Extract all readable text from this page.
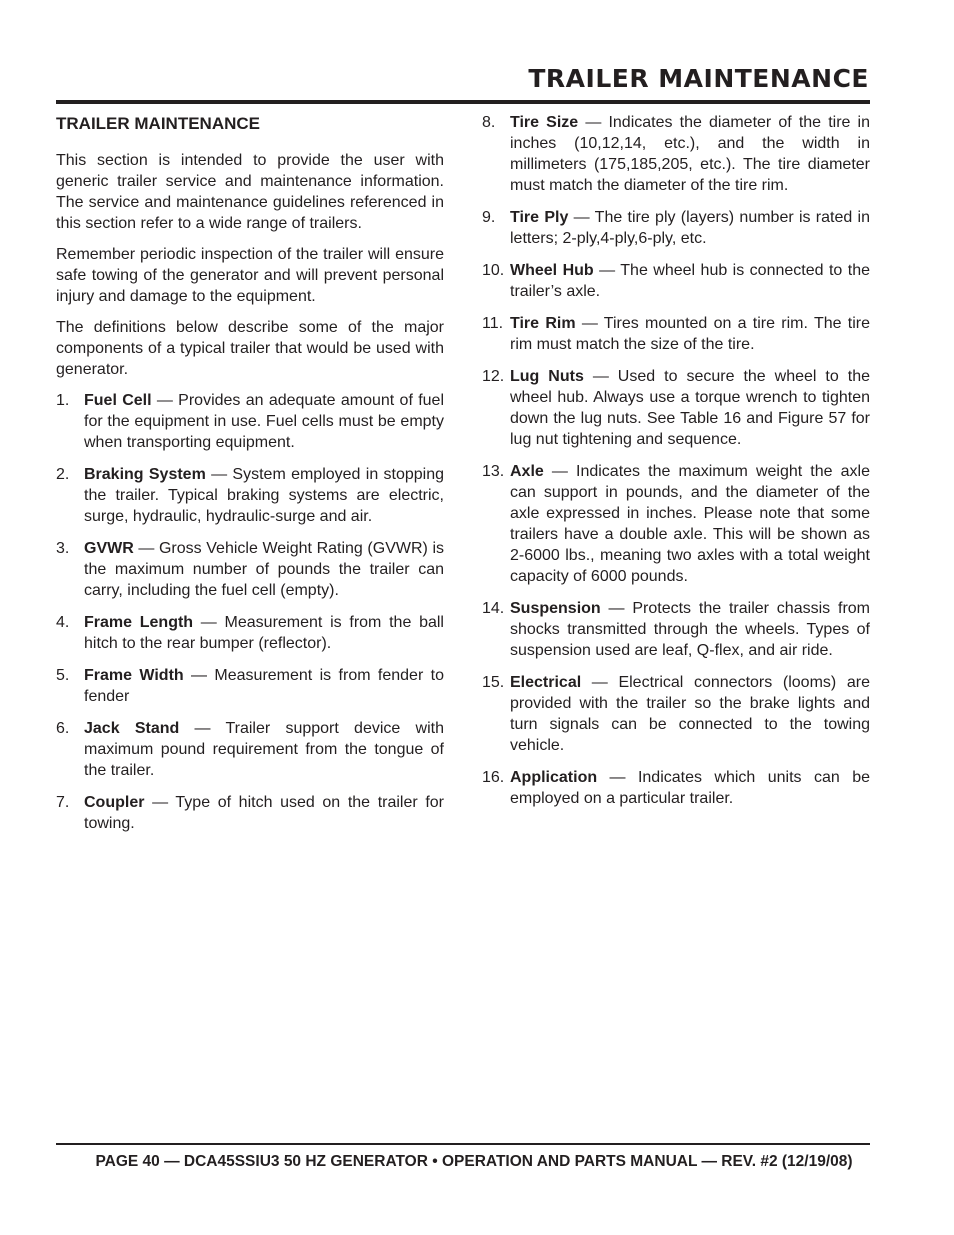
TRAILER MAINTENANCE
TRAILER MAINTENANCE

This section is intended to provide the user with generic trailer service and maintenance information. The service and maintenance guidelines referenced in this section refer to a wide range of trailers.

Remember periodic inspection of the trailer will ensure safe towing of the generator and will prevent personal injury and damage to the equipment.

The definitions below describe some of the major components of a typical trailer that would be used with generator.

1. Fuel Cell — Provides an adequate amount of fuel for the equipment in use. Fuel cells must be empty when transporting equipment.
2. Braking System — System employed in stopping the trailer. Typical braking systems are electric, surge, hydraulic, hydraulic-surge and air.
3. GVWR — Gross Vehicle Weight Rating (GVWR) is the maximum number of pounds the trailer can carry, including the fuel cell (empty).
4. Frame Length — Measurement is from the ball hitch to the rear bumper (reflector).
5. Frame Width — Measurement is from fender to fender
6. Jack Stand — Trailer support device with maximum pound requirement from the tongue of the trailer.
7. Coupler — Type of hitch used on the trailer for towing.
8. Tire Size — Indicates the diameter of the tire in inches (10,12,14, etc.), and the width in millimeters (175,185,205, etc.). The tire diameter must match the diameter of the tire rim.
9. Tire Ply — The tire ply (layers) number is rated in letters; 2-ply,4-ply,6-ply, etc.
10. Wheel Hub — The wheel hub is connected to the trailer’s axle.
11. Tire Rim — Tires mounted on a tire rim. The tire rim must match the size of the tire.
12. Lug Nuts — Used to secure the wheel to the wheel hub. Always use a torque wrench to tighten down the lug nuts. See Table 16 and Figure 57 for lug nut tightening and sequence.
13. Axle — Indicates the maximum weight the axle can support in pounds, and the diameter of the axle expressed in inches. Please note that some trailers have a double axle. This will be shown as 2-6000 lbs., meaning two axles with a total weight capacity of 6000 pounds.
14. Suspension — Protects the trailer chassis from shocks transmitted through the wheels. Types of suspension used are leaf, Q-flex, and air ride.
15. Electrical — Electrical connectors (looms) are provided with the trailer so the brake lights and turn signals can be connected to the towing vehicle.
16. Application — Indicates which units can be employed on a particular trailer.

PAGE 40 — DCA45SSIU3 50 HZ GENERATOR • OPERATION AND PARTS MANUAL — REV. #2 (12/19/08)
